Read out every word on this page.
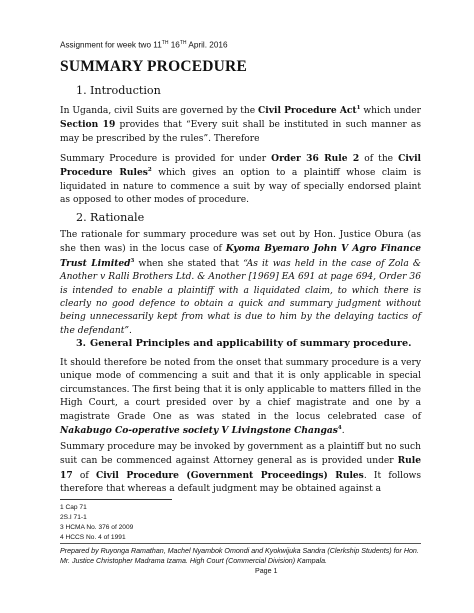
Assignment for week two 11TH 16TH April. 2016
SUMMARY PROCEDURE
1. Introduction
In Uganda, civil Suits are governed by the Civil Procedure Act$^1$ which under Section 19 provides that “Every suit shall be instituted in such manner as may be prescribed by the rules”. Therefore
Summary Procedure is provided for under Order 36 Rule 2 of the Civil Procedure Rules$^2$ which gives an option to a plaintiff whose claim is liquidated in nature to commence a suit by way of specially endorsed plaint as opposed to other modes of procedure.
2. Rationale
The rationale for summary procedure was set out by Hon. Justice Obura (as she then was) in the locus case of Kyoma Byemaro John V Agro Finance Trust Limited$^3$ when she stated that “As it was held in the case of Zola & Another v Ralli Brothers Ltd. & Another [1969] EA 691 at page 694, Order 36 is intended to enable a plaintiff with a liquidated claim, to which there is clearly no good defence to obtain a quick and summary judgment without being unnecessarily kept from what is due to him by the delaying tactics of the defendant”.
3. General Principles and applicability of summary procedure.
It should therefore be noted from the onset that summary procedure is a very unique mode of commencing a suit and that it is only applicable in special circumstances. The first being that it is only applicable to matters filled in the High Court, a court presided over by a chief magistrate and one by a magistrate Grade One as was stated in the locus celebrated case of Nakabugo Co-operative society V Livingstone Changas$^4$.
Summary procedure may be invoked by government as a plaintiff but no such suit can be commenced against Attorney general as is provided under Rule 17 of Civil Procedure (Government Proceedings) Rules. It follows therefore that whereas a default judgment may be obtained against a
1 Cap 71
2S.I 71-1
3 HCMA No. 376 of 2009
4 HCCS No. 4 of 1991
Prepared by Ruyonga Ramathan, Machel Nyambok Omondi and Kyokwijuka Sandra (Clerkship Students) for Hon. Mr. Justice Christopher Madrama Izama. High Court (Commercial Division) Kampala.
Page 1
